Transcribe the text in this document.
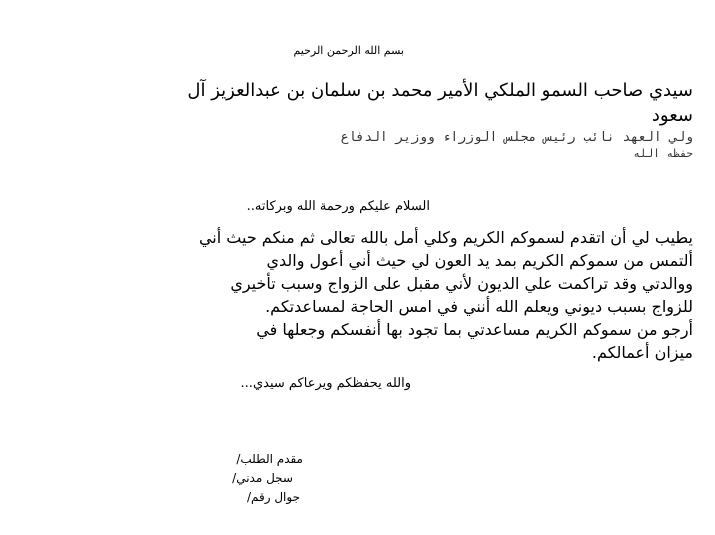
بسم الله الرحمن الرحيم
سيدي صاحب السمو الملكي الأمير محمد بن سلمان بن عبدالعزيز آل
سعود
ولي العهد نائب رئيس مجلس الوزراء ووزير الدفاع
حفظه الله
السلام عليكم ورحمة الله وبركاته..
يطيب لي أن اتقدم لسموكم الكريم وكلي أمل بالله تعالى ثم منكم حيث أني
ألتمس من سموكم الكريم بمد يد العون لي حيث أني أعول والدي
ووالدتي وقد تراكمت علي الديون لأني مقبل على الزواج وسبب تأخيري
للزواج بسبب ديوني ويعلم الله أنني في امس الحاجة لمساعدتكم.
أرجو من سموكم الكريم مساعدتي بما تجود بها أنفسكم وجعلها في
ميزان أعمالكم.
والله يحفظكم ويرعاكم سيدي...
مقدم الطلب/
سجل مدني/
جوال رقم/
